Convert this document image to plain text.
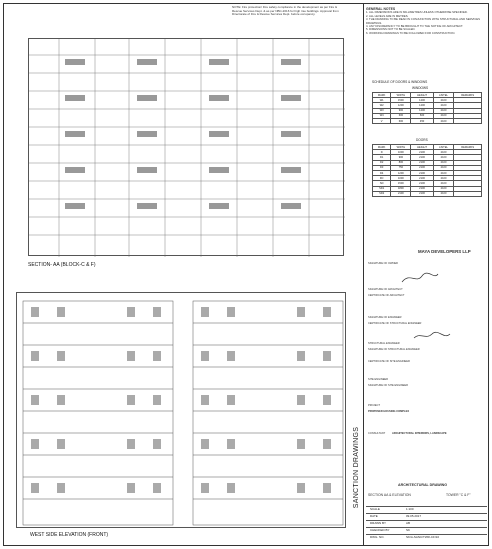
NOTE: Fire protection/ Fire safety compliance in the development as per Fire & Rescue Services Dept. & as per NBC-2016 for high rise buildings. Approval from Directorate of Fire & Rescue Services Dept. before occupancy.
SECTION- AA (BLOCK-C & F)
WEST SIDE ELEVATION (FRONT)
GENERAL NOTES
1. ALL DIMENSIONS ARE IN MILLIMETRES UNLESS OTHERWISE SPECIFIED.
2. ALL LEVELS ARE IN METRES.
3. THE DRAWING TO BE READ IN CONJUNCTION WITH STRUCTURAL AND SERVICES DRAWINGS.
4. ANY DISCREPANCY TO BE BROUGHT TO THE NOTICE OF ARCHITECT.
5. DIMENSIONS NOT TO BE SCALED.
6. WORKING DRAWINGS TO BE FOLLOWED FOR CONSTRUCTION.
SCHEDULE OF DOORS & WINDOWS
WINDOWS
MARK	WIDTH	HEIGHT	LINTEL	REMARKS
W1	1500	1200	2100	
W2	1200	1200	2100	
W3	900	1200	2100	
W4	600	600	2100	
V	600	450	2100	
DOORS
MARK	WIDTH	HEIGHT	LINTEL	REMARKS
D	1000	2100	2100	
D1	900	2100	2100	
D2	800	2100	2100	
D3	750	2100	2100	
D4	1200	2100	2100	
FD	1000	2100	2100	
SD	1500	2100	2100	
SD1	1800	2100	2100	
SD2	2100	2100	2100	
MAYA DEVELOPERS LLP
SIGNATURE OF OWNER
SIGNATURE OF ARCHITECT
CERTIFICATE OF ARCHITECT
SIGNATURE OF ENGINEER
CERTIFICATE OF STRUCTURAL ENGINEER
STRUCTURAL ENGINEER
SIGNATURE OF STRUCTURAL ENGINEER
CERTIFICATE OF SITE ENGINEER
SITE ENGINEER
SIGNATURE OF SITE ENGINEER
PROJECT
PROPOSED HOUSING COMPLEX
CONSULTANT	ARCHITECTURAL INTERIORS, LANDSCAPE
ARCHITECTURAL DRAWING
SECTION AA & ELEVATION	TOWER "C & F"
SCALE	1:100
DATE	09.05.2017
DRAWN BY	AB
CHECKED BY	SK
DWG. NO.	SK/A-SANC/TWR-CF/10
SANCTION DRAWINGS
